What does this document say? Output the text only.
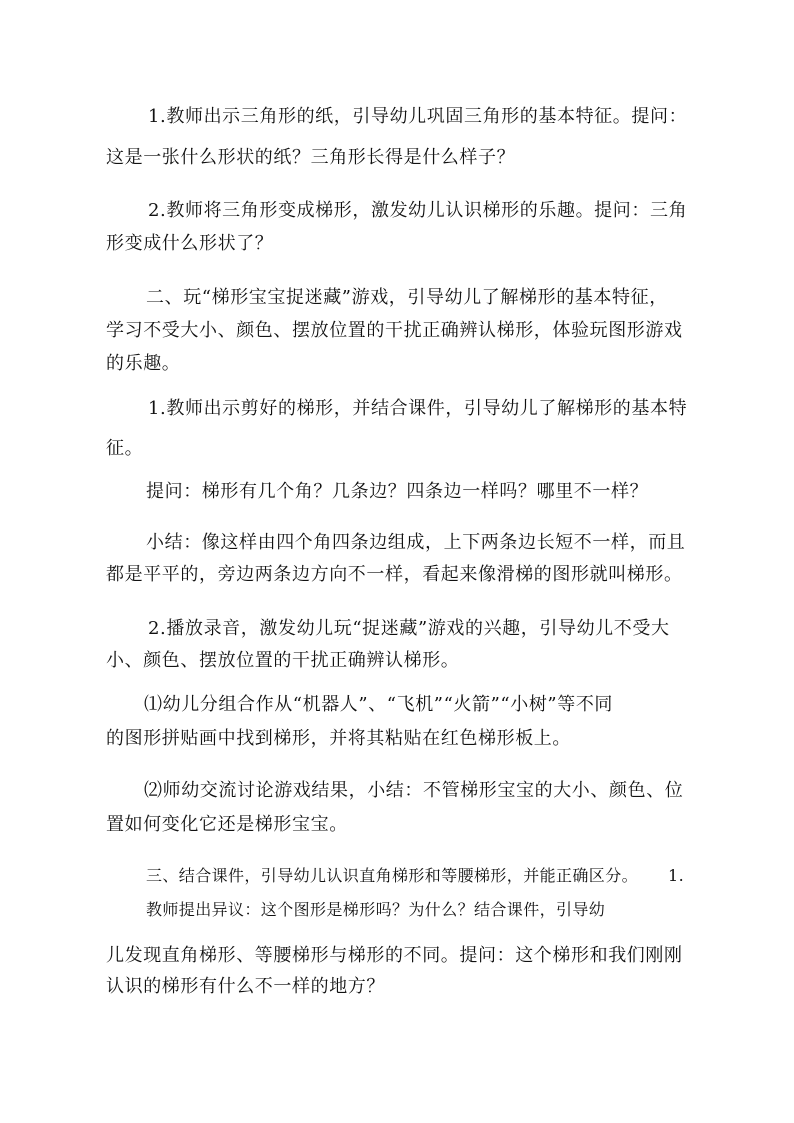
1.教师出示三角形的纸，引导幼儿巩固三角形的基本特征。提问：
这是一张什么形状的纸？三角形长得是什么样子？
2.教师将三角形变成梯形，激发幼儿认识梯形的乐趣。提问：三角
形变成什么形状了？
二、玩“梯形宝宝捉迷藏”游戏，引导幼儿了解梯形的基本特征，
学习不受大小、颜色、摆放位置的干扰正确辨认梯形，体验玩图形游戏
的乐趣。
1.教师出示剪好的梯形，并结合课件，引导幼儿了解梯形的基本特
征。
提问：梯形有几个角？几条边？四条边一样吗？哪里不一样？
小结：像这样由四个角四条边组成，上下两条边长短不一样，而且
都是平平的，旁边两条边方向不一样，看起来像滑梯的图形就叫梯形。
2.播放录音，激发幼儿玩“捉迷藏”游戏的兴趣，引导幼儿不受大
小、颜色、摆放位置的干扰正确辨认梯形。
⑴幼儿分组合作从“机器人”、“飞机”“火箭”“小树”等不同
的图形拼贴画中找到梯形，并将其粘贴在红色梯形板上。
⑵师幼交流讨论游戏结果，小结：不管梯形宝宝的大小、颜色、位
置如何变化它还是梯形宝宝。
三、结合课件，引导幼儿认识直角梯形和等腰梯形，并能正确区分。 1.
教师提出异议：这个图形是梯形吗？为什么？结合课件，引导幼
儿发现直角梯形、等腰梯形与梯形的不同。提问：这个梯形和我们刚刚
认识的梯形有什么不一样的地方？
